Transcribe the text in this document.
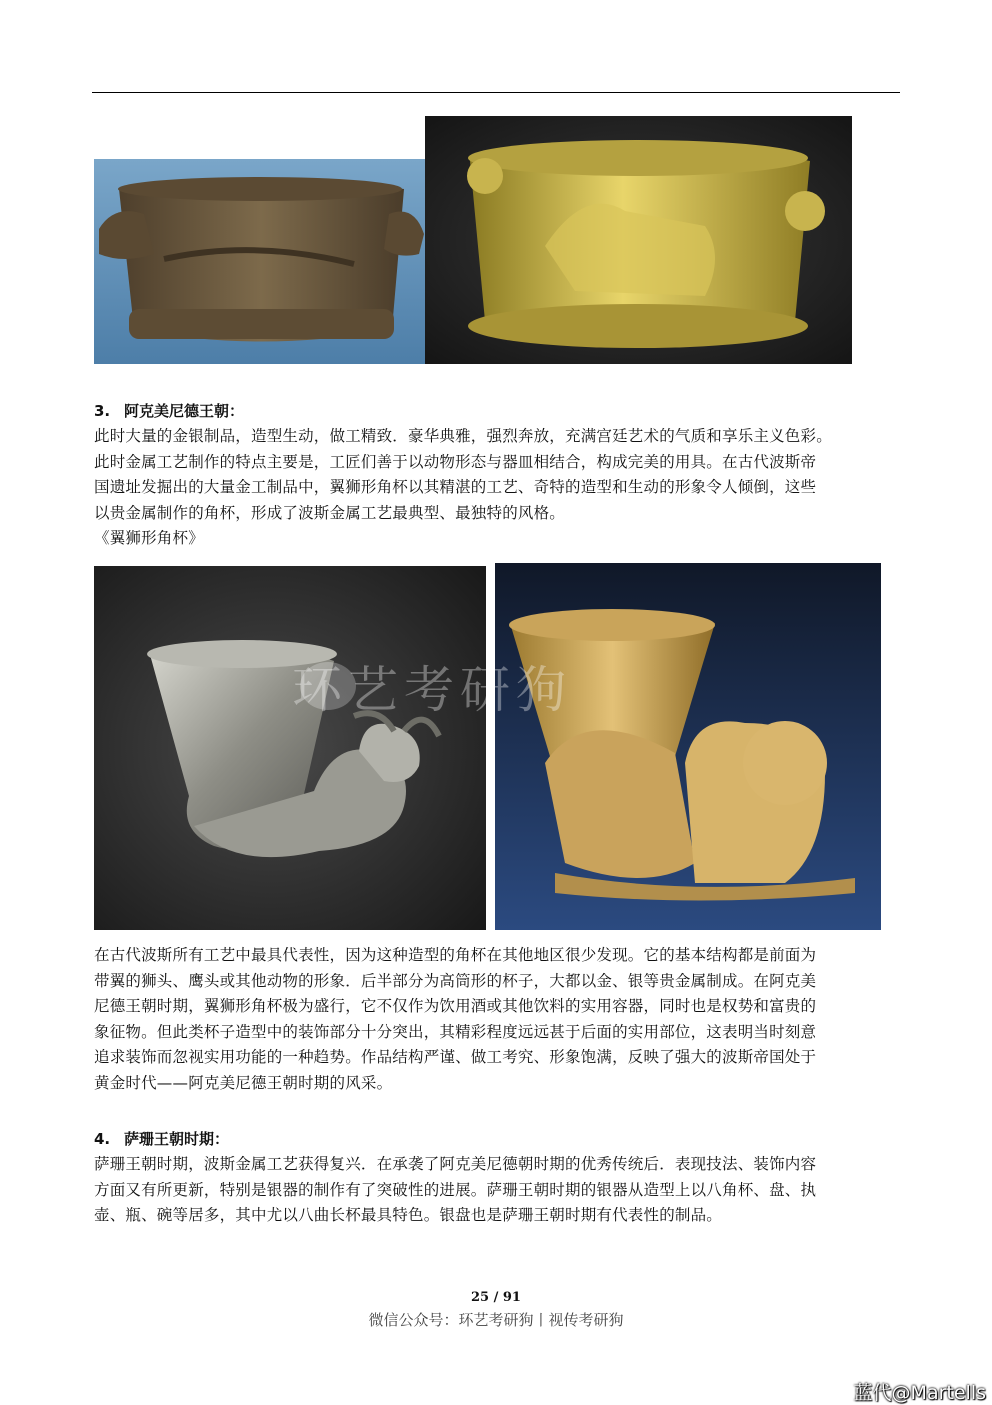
3. 阿克美尼德王朝：

此时大量的金银制品，造型生动，做工精致．豪华典雅，强烈奔放，充满宫廷艺术的气质和享乐主义色彩。

此时金属工艺制作的特点主要是，工匠们善于以动物形态与器皿相结合，构成完美的用具。在古代波斯帝

国遗址发掘出的大量金工制品中，翼狮形角杯以其精湛的工艺、奇特的造型和生动的形象令人倾倒，这些

以贵金属制作的角杯，形成了波斯金属工艺最典型、最独特的风格。

《翼狮形角杯》

环艺考研狗

在古代波斯所有工艺中最具代表性，因为这种造型的角杯在其他地区很少发现。它的基本结构都是前面为

带翼的狮头、鹰头或其他动物的形象．后半部分为高筒形的杯子，大都以金、银等贵金属制成。在阿克美

尼德王朝时期，翼狮形角杯极为盛行，它不仅作为饮用酒或其他饮料的实用容器，同时也是权势和富贵的

象征物。但此类杯子造型中的装饰部分十分突出，其精彩程度远远甚于后面的实用部位，这表明当时刻意

追求装饰而忽视实用功能的一种趋势。作品结构严谨、做工考究、形象饱满，反映了强大的波斯帝国处于

黄金时代——阿克美尼德王朝时期的风采。

4. 萨珊王朝时期：

萨珊王朝时期，波斯金属工艺获得复兴．在承袭了阿克美尼德朝时期的优秀传统后．表现技法、装饰内容

方面又有所更新，特别是银器的制作有了突破性的进展。萨珊王朝时期的银器从造型上以八角杯、盘、执

壶、瓶、碗等居多，其中尤以八曲长杯最具特色。银盘也是萨珊王朝时期有代表性的制品。

25 / 91
微信公众号：环艺考研狗丨视传考研狗
蓝代@Martells
